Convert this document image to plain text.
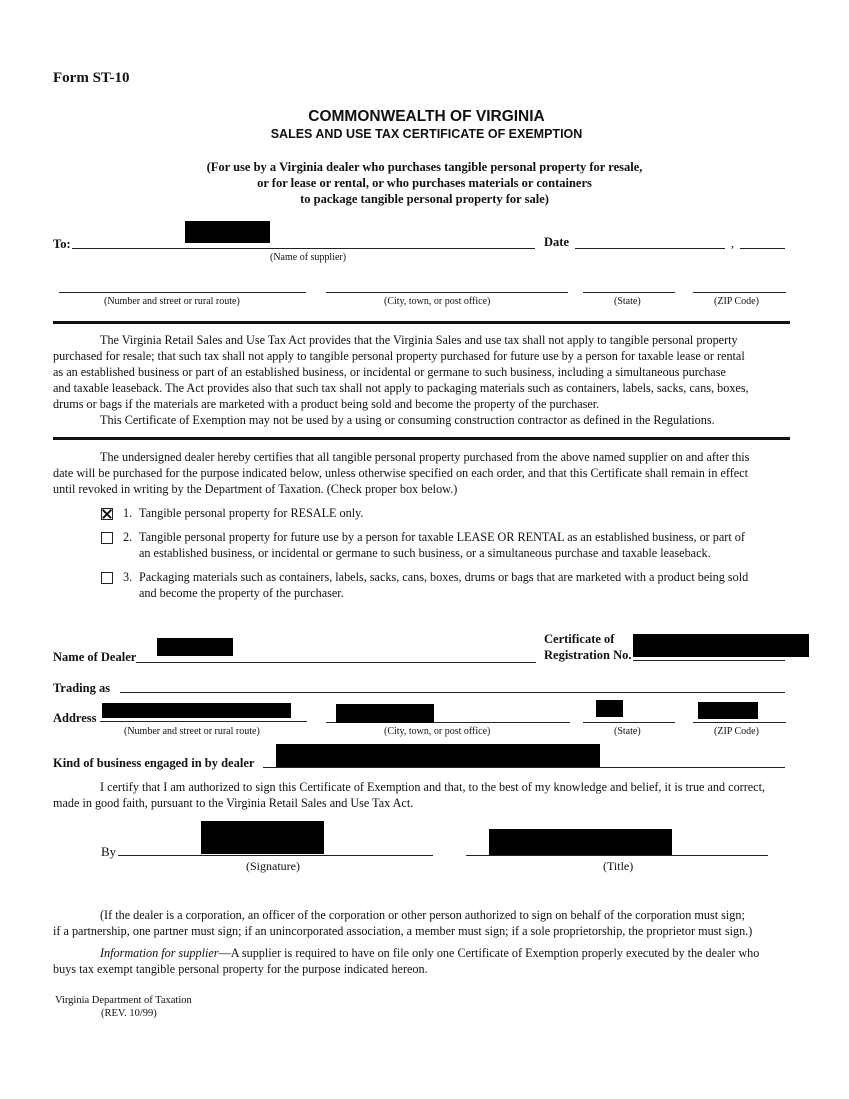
Form ST-10
COMMONWEALTH OF VIRGINIA
SALES AND USE TAX CERTIFICATE OF EXEMPTION
(For use by a Virginia dealer who purchases tangible personal property for resale,
or for lease or rental, or who purchases materials or containers
to package tangible personal property for sale)
To:
(Name of supplier)
Date	,
(Number and street or rural route)	(City, town, or post office)	(State)	(ZIP Code)
The Virginia Retail Sales and Use Tax Act provides that the Virginia Sales and use tax shall not apply to tangible personal property
purchased for resale; that such tax shall not apply to tangible personal property purchased for future use by a person for taxable lease or rental
as an established business or part of an established business, or incidental or germane to such business, including a simultaneous purchase
and taxable leaseback. The Act provides also that such tax shall not apply to packaging materials such as containers, labels, sacks, cans, boxes,
drums or bags if the materials are marketed with a product being sold and become the property of the purchaser.
This Certificate of Exemption may not be used by a using or consuming construction contractor as defined in the Regulations.
The undersigned dealer hereby certifies that all tangible personal property purchased from the above named supplier on and after this
date will be purchased for the purpose indicated below, unless otherwise specified on each order, and that this Certificate shall remain in effect
until revoked in writing by the Department of Taxation. (Check proper box below.)
1. Tangible personal property for RESALE only.
2. Tangible personal property for future use by a person for taxable LEASE OR RENTAL as an established business, or part of
an established business, or incidental or germane to such business, or a simultaneous purchase and taxable leaseback.
3. Packaging materials such as containers, labels, sacks, cans, boxes, drums or bags that are marketed with a product being sold
and become the property of the purchaser.
Name of Dealer
Certificate of
Registration No.
Trading as
Address
(Number and street or rural route)	(City, town, or post office)	(State)	(ZIP Code)
Kind of business engaged in by dealer
I certify that I am authorized to sign this Certificate of Exemption and that, to the best of my knowledge and belief, it is true and correct,
made in good faith, pursuant to the Virginia Retail Sales and Use Tax Act.
By
(Signature)	(Title)
(If the dealer is a corporation, an officer of the corporation or other person authorized to sign on behalf of the corporation must sign;
if a partnership, one partner must sign; if an unincorporated association, a member must sign; if a sole proprietorship, the proprietor must sign.)
Information for supplier—A supplier is required to have on file only one Certificate of Exemption properly executed by the dealer who
buys tax exempt tangible personal property for the purpose indicated hereon.
Virginia Department of Taxation
(REV. 10/99)
